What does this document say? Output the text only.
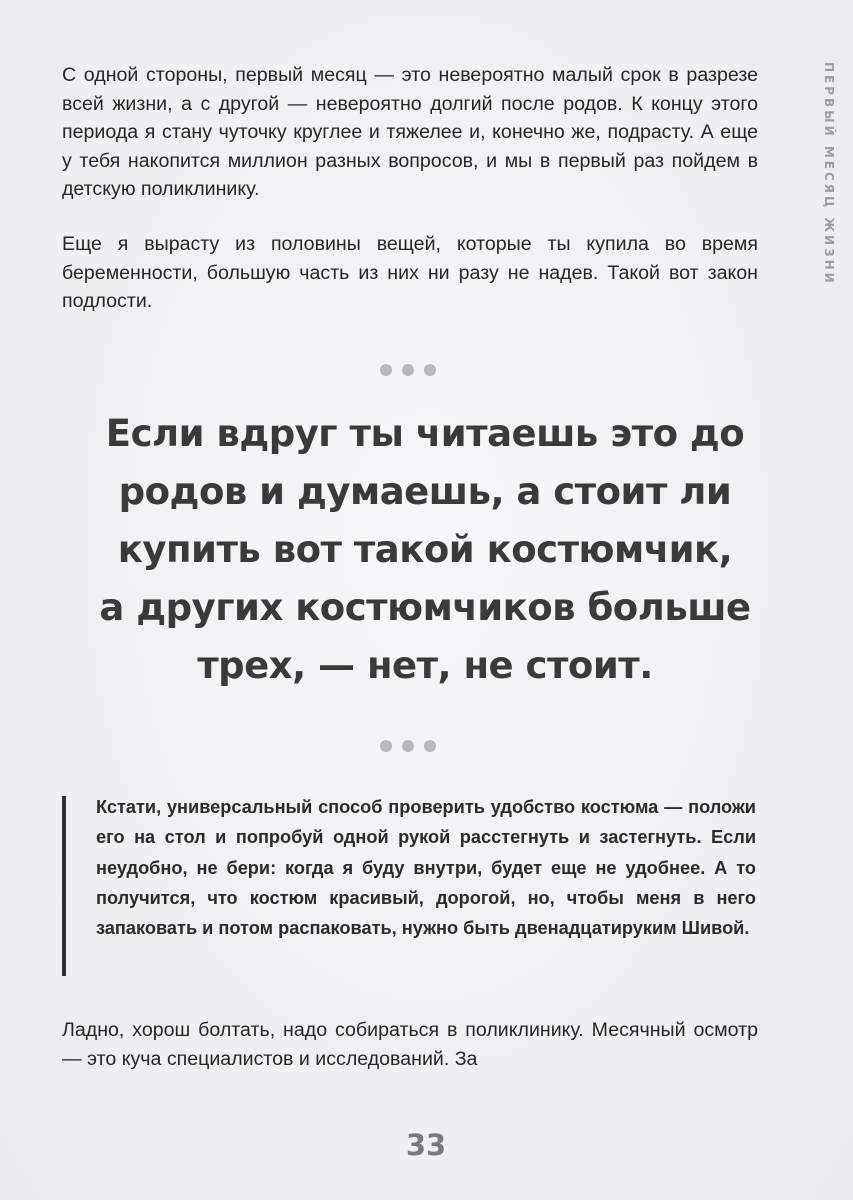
ПЕРВЫЙ МЕСЯЦ ЖИЗНИ

С одной стороны, первый месяц — это невероятно малый срок в разрезе всей жизни, а с другой — невероятно долгий после родов. К концу этого периода я стану чуточку круглее и тяжелее и, конечно же, подрасту. А еще у тебя накопится миллион разных вопросов, и мы в первый раз пойдем в детскую поликлинику.

Еще я вырасту из половины вещей, которые ты купила во время беременности, большую часть из них ни разу не надев. Такой вот закон подлости.

Если вдруг ты читаешь это до
родов и думаешь, а стоит ли
купить вот такой костюмчик,
а других костюмчиков больше
трех, — нет, не стоит.

Кстати, универсальный способ проверить удобство костюма — положи его на стол и попробуй одной рукой расстегнуть и застегнуть. Если неудобно, не бери: когда я буду внутри, будет еще не удобнее. А то получится, что костюм красивый, дорогой, но, чтобы меня в него запаковать и потом распаковать, нужно быть двенадцатируким Шивой.

Ладно, хорош болтать, надо собираться в поликлинику. Месячный осмотр — это куча специалистов и исследований. За

33
